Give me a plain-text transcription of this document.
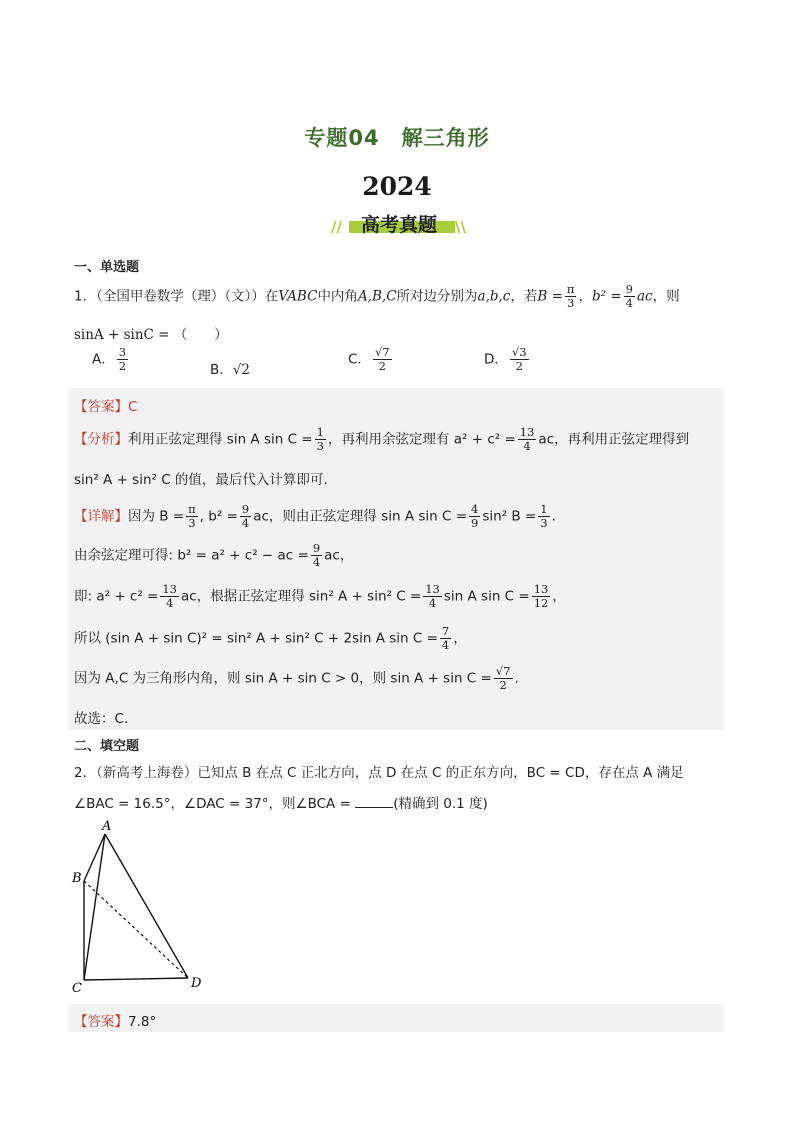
专题04　解三角形
2024
//	高考真题	\\
一、单选题
1．（全国甲卷数学（理）（文））在VABC中内角A,B,C所对边分别为a,b,c，若$B = \frac{\pi}{3}$ ，$b^2 = \frac{9}{4}$ ac，则
sinA + sinC = （　　）
A． $\frac{3}{2}$	B．√2
C． $\frac{√7}{2}$	D． $\frac{√3}{2}$
【答案】C
【分析】利用正弦定理得 sin A $\sin C = \frac{1}{3}$ ，再利用余弦定理有 $a^2 + c^2 = \frac{13}{4}$ ac，再利用正弦定理得到
sin² A + sin² C 的值，最后代入计算即可.
【详解】因为 $B = \frac{\pi}{3}$ , $b^2 = \frac{9}{4}$ ac，则由正弦定理得 sin A $\sin C = \frac{4}{9} \sin^2$ $B = \frac{1}{3}$ .
由余弦定理可得: b² = a² + c² − ac = $\frac{9}{4}$ ac，
即: $a^2 + c^2 = \frac{13}{4}$ ac，根据正弦定理得 sin² A + sin² $C = \frac{13}{4}$ sin A $\sin C = \frac{13}{12}$ ，
所以 (sin A + sin C)² = sin² A + sin² C + 2sin A $\sin C = \frac{7}{4}$ ，
因为 A,C 为三角形内角，则 sin A + sin C > 0，则 $\sin A + \sin C = \frac{√7}{2}$ .
故选：C.
二、填空题
2．（新高考上海卷）已知点 B 在点 C 正北方向，点 D 在点 C 的正东方向，BC = CD，存在点 A 满足
∠BAC = 16.5°，∠DAC = 37°，则∠BCA =	(精确到 0.1 度)
A
B
C	D
【答案】7.8°
